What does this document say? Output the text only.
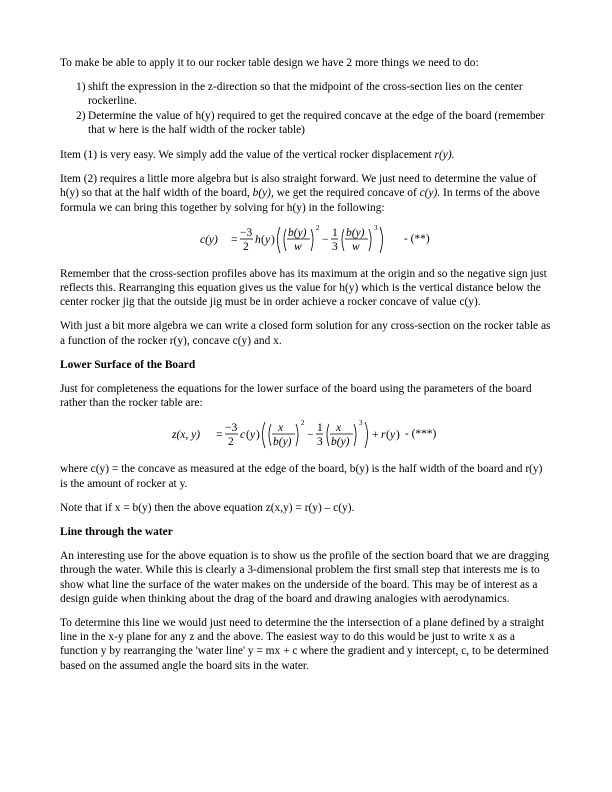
To make be able to apply it to our rocker table design we have 2 more things we need to do:

1) shift the expression in the z-direction so that the midpoint of the cross-section lies on the center rockerline.
2) Determine the value of h(y) required to get the required concave at the edge of the board (remember that w here is the half width of the rocker table)

Item (1) is very easy. We simply add the value of the vertical rocker displacement r(y).

Item (2) requires a little more algebra but is also straight forward. We just need to determine the value of h(y) so that at the half width of the board, b(y), we get the required concave of c(y). In terms of the above formula we can bring this together by solving for h(y) in the following:

c(y) =
−3
2
h ( y )
b(y)
w
2
−
1
3
b(y)
w
3
- (**)

Remember that the cross-section profiles above has its maximum at the origin and so the negative sign just reflects this. Rearranging this equation gives us the value for h(y) which is the vertical distance below the center rocker jig that the outside jig must be in order achieve a rocker concave of value c(y).

With just a bit more algebra we can write a closed form solution for any cross-section on the rocker table as a function of the rocker r(y), concave c(y) and x.

Lower Surface of the Board

Just for completeness the equations for the lower surface of the board using the parameters of the board rather than the rocker table are:

z(x, y) =
−3
2
c ( y )
x
b(y)
2
−
1
3
x
b(y)
3
+ r ( y ) - (***)

where c(y) = the concave as measured at the edge of the board, b(y) is the half width of the board and r(y) is the amount of rocker at y.

Note that if x = b(y) then the above equation z(x,y) = r(y) – c(y).

Line through the water

An interesting use for the above equation is to show us the profile of the section board that we are dragging through the water. While this is clearly a 3-dimensional problem the first small step that interests me is to show what line the surface of the water makes on the underside of the board. This may be of interest as a design guide when thinking about the drag of the board and drawing analogies with aerodynamics.

To determine this line we would just need to determine the the intersection of a plane defined by a straight line in the x-y plane for any z and the above. The easiest way to do this would be just to write x as a function y by rearranging the 'water line' y = mx + c where the gradient and y intercept, c, to be determined based on the assumed angle the board sits in the water.
